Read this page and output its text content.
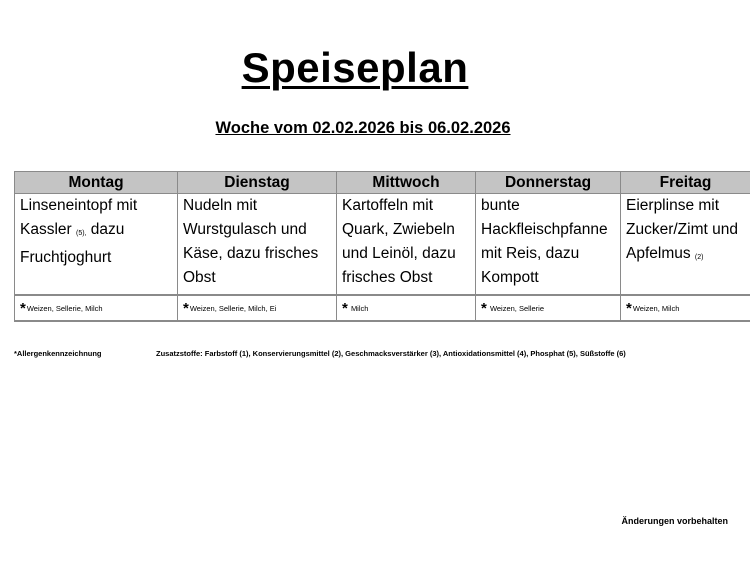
Speiseplan
Woche vom 02.02.2026 bis 06.02.2026
Montag	Dienstag	Mittwoch	Donnerstag	Freitag
Linseneintopf mit Kassler (5), dazu Fruchtjoghurt	Nudeln mit Wurstgulasch und Käse, dazu frisches Obst	Kartoffeln mit Quark, Zwiebeln und Leinöl, dazu frisches Obst	bunte Hackfleischpfanne mit Reis, dazu Kompott	Eierplinse mit Zucker/Zimt und Apfelmus (2)
*Weizen, Sellerie, Milch	*Weizen, Sellerie, Milch, Ei	* Milch	* Weizen, Sellerie	*Weizen, Milch
*Allergenkennzeichnung	Zusatzstoffe: Farbstoff (1), Konservierungsmittel (2), Geschmacksverstärker (3), Antioxidationsmittel (4), Phosphat (5), Süßstoffe (6)
Änderungen vorbehalten
